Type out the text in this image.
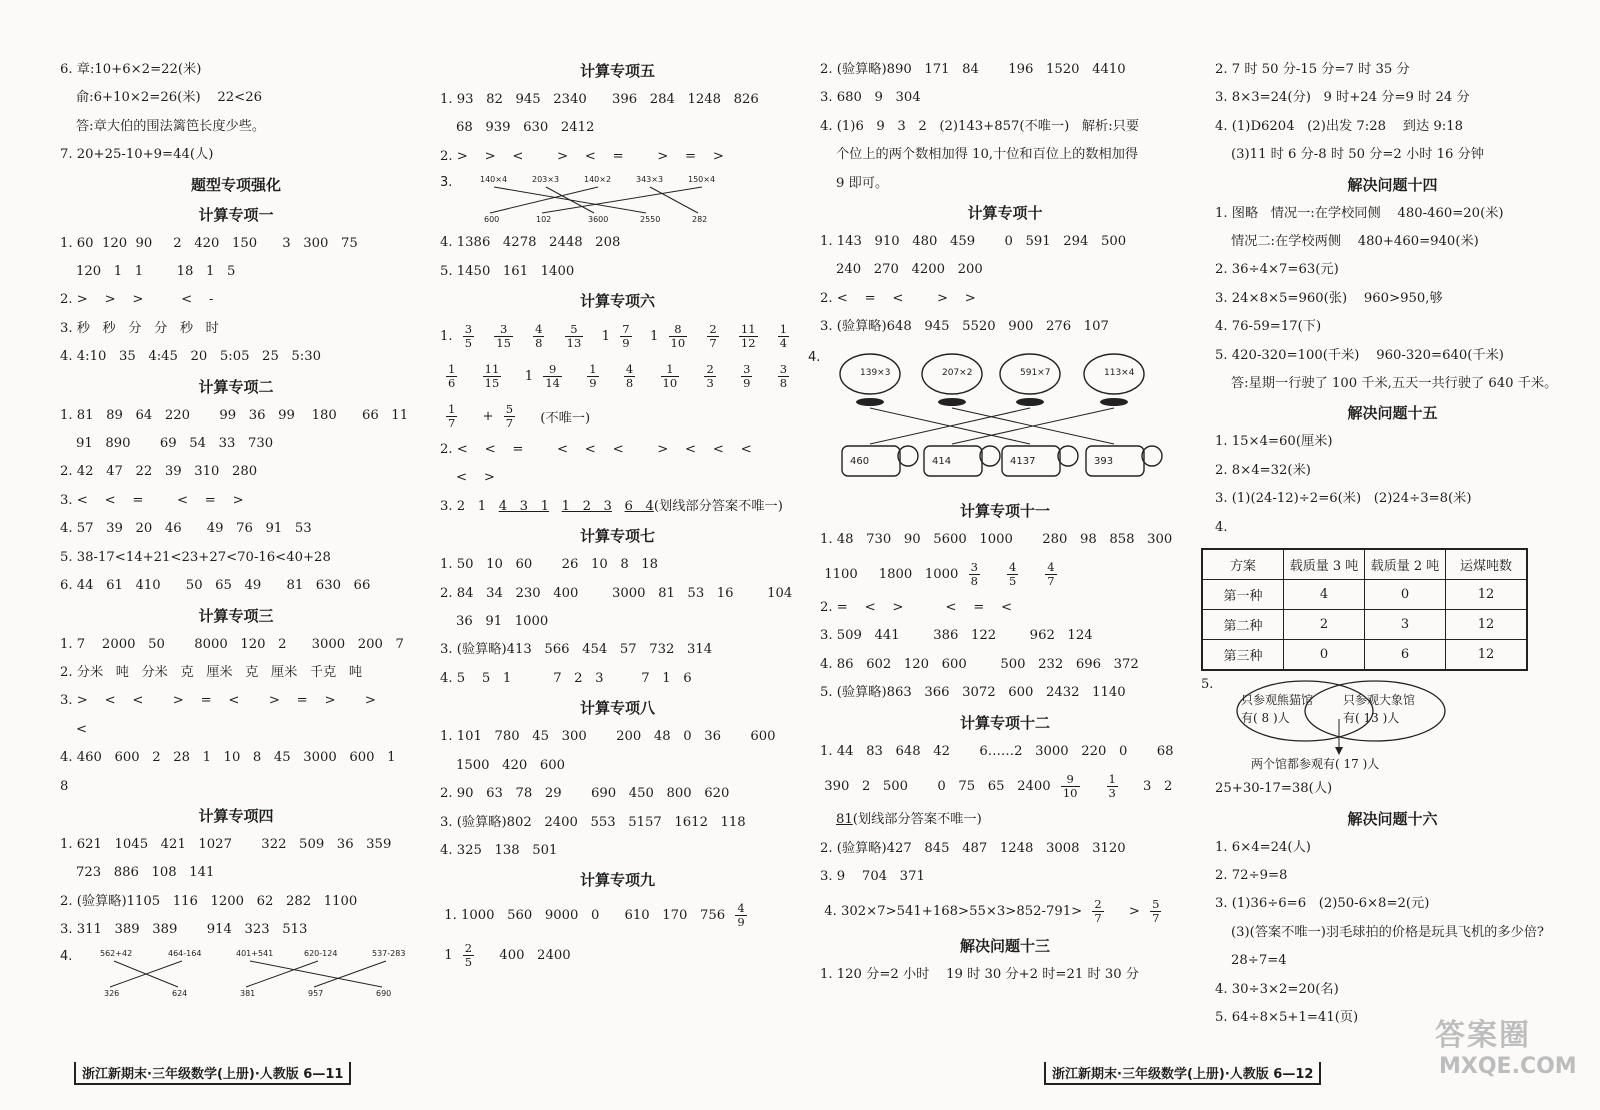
6. 章:10+6×2=22(米)
俞:6+10×2=26(米)    22<26
答:章大伯的围法篱笆长度少些。
7. 20+25-10+9=44(人)
题型专项强化
计算专项一
1. 60  120  90     2   420   150      3   300   75
120   1   1        18   1   5
2. >    >    >         <    -
3. 秒   秒   分   分   秒   时
4. 4:10   35   4:45   20   5:05   25   5:30
计算专项二
1. 81   89   64   220       99   36   99    180      66   11
91   890       69   54   33   730
2. 42   47   22   39   310   280
3. <    <    =        <    =    >
4. 57   39   20   46      49   76   91   53
5. 38-17<14+21<23+27<70-16<40+28
6. 44   61   410      50   65   49      81   630   66
计算专项三
1. 7    2000   50       8000   120   2      3000   200   7
2. 分米   吨   分米   克   厘米   克   厘米   千克   吨
3. >    <    <       >    =    <       >    =    >       >
<
4. 460   600   2   28   1   10   8   45   3000   600   1
8
计算专项四
1. 621   1045   421   1027       322   509   36   359
723   886   108   141
2. (验算略)1105   116   1200   62   282   1100
3. 311   389   389       914   323   513
4.	562+42	464-164	401+541	620-124	537-283
326	624	381	957	690
计算专项五
1. 93   82   945   2340      396   284   1248   826
68   939   630   2412
2. >    >    <        >    <    =        >    =    >
3.	140×4	203×3	140×2	343×3	150×4
600	102	3600	2550	282
4. 1386   4278   2448   208
5. 1450   161   1400
计算专项六
1. $\frac{3}{5} \frac{3}{15} \frac{4}{8} \frac{5}{13} 1 \frac{7}{9} 1 \frac{8}{10} \frac{2}{7} \frac{11}{12} \frac{1}{4}$
$\frac{1}{6} \frac{11}{15} 1 \frac{9}{14} \frac{1}{9} \frac{4}{8} \frac{1}{10} \frac{2}{3} \frac{3}{9} \frac{3}{8}$
$\frac{1}{7} + \frac{5}{7}$ (不唯一)
2. <    <    =        <    <    <        >    <    <    <
<    >
3. 2   1   4   3   1 1   2   3 6   4(划线部分答案不唯一)
计算专项七
1. 50   10   60       26   10   8   18
2. 84   34   230   400        3000   81   53   16        104
36   91   1000
3. (验算略)413   566   454   57   732   314
4. 5    5   1          7   2   3         7   1   6
计算专项八
1. 101   780   45   300       200   48   0   36       600
1500   420   600
2. 90   63   78   29       690   450   800   620
3. (验算略)802   2400   553   5157   1612   118
4. 325   138   501
计算专项九
1. 1000   560   9000   0      610   170   $756 \frac{4}{9}$
$1 \frac{2}{5} 400$   2400
2. (验算略)890   171   84       196   1520   4410
3. 680   9   304
4. (1)6   9   3   2   (2)143+857(不唯一)   解析:只要
个位上的两个数相加得 10,十位和百位上的数相加得
9 即可。
计算专项十
1. 143   910   480   459       0   591   294   500
240   270   4200   200
2. <    =    <        >    >
3. (验算略)648   945   5520   900   276   107
4.
139×3	207×2	591×7	113×4
460	414	4137	393
计算专项十一
1. 48   730   90   5600   1000       280   98   858   300
1100     1800   $1000 \frac{3}{8} \frac{4}{5} \frac{4}{7}$
2. =    <    >          <    =    <
3. 509   441        386   122        962   124
4. 86   602   120   600        500   232   696   372
5. (验算略)863   366   3072   600   2432   1140
计算专项十二
1. 44   83   648   42       6……2   3000   220   0       68
390   2   500       0   75   65   $2400 \frac{9}{10} \frac{1}{3} 3$   2
81(划线部分答案不唯一)
2. (验算略)427   845   487   1248   3008   3120
3. 9    704   371
4. $302\times 7>541+168>55\times 3>852-791> \frac{2}{7} > \frac{5}{7}$
解决问题十三
1. 120 分=2 小时    19 时 30 分+2 时=21 时 30 分
2. 7 时 50 分-15 分=7 时 35 分
3. 8×3=24(分)   9 时+24 分=9 时 24 分
4. (1)D6204   (2)出发 7:28    到达 9:18
(3)11 时 6 分-8 时 50 分=2 小时 16 分钟
解决问题十四
1. 图略   情况一:在学校同侧    480-460=20(米)
情况二:在学校两侧    480+460=940(米)
2. 36÷4×7=63(元)
3. 24×8×5=960(张)    960>950,够
4. 76-59=17(下)
5. 420-320=100(千米)    960-320=640(千米)
答:星期一行驶了 100 千米,五天一共行驶了 640 千米。
解决问题十五
1. 15×4=60(厘米)
2. 8×4=32(米)
3. (1)(24-12)÷2=6(米)   (2)24÷3=8(米)
4.
方案	载质量 3 吨	载质量 2 吨	运煤吨数
第一种	4	0	12
第二种	2	3	12
第三种	0	6	12
5.
只参观熊猫馆
有( 8 )人
只参观大象馆
有( 13 )人
两个馆都参观有( 17 )人
25+30-17=38(人)
解决问题十六
1. 6×4=24(人)
2. 72÷9=8
3. (1)36÷6=6   (2)50-6×8=2(元)
(3)(答案不唯一)羽毛球拍的价格是玩具飞机的多少倍?
28÷7=4
4. 30÷3×2=20(名)
5. 64÷8×5+1=41(页)
浙江新期末·三年级数学(上册)·人教版 6—11	浙江新期末·三年级数学(上册)·人教版 6—12
答案圈
MXQE.COM
